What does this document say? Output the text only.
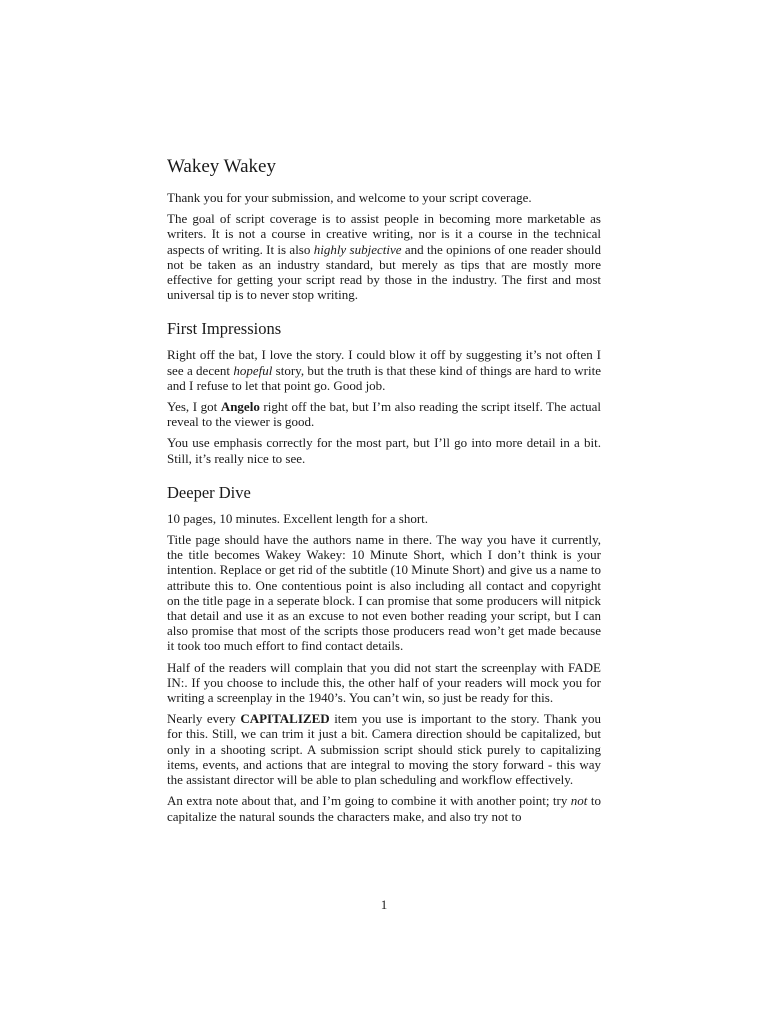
Wakey Wakey

Thank you for your submission, and welcome to your script coverage.

The goal of script coverage is to assist people in becoming more marketable as writers. It is not a course in creative writing, nor is it a course in the technical aspects of writing. It is also highly subjective and the opinions of one reader should not be taken as an industry standard, but merely as tips that are mostly more effective for getting your script read by those in the industry. The first and most universal tip is to never stop writing.

First Impressions

Right off the bat, I love the story. I could blow it off by suggesting it’s not often I see a decent hopeful story, but the truth is that these kind of things are hard to write and I refuse to let that point go. Good job.

Yes, I got Angelo right off the bat, but I’m also reading the script itself. The actual reveal to the viewer is good.

You use emphasis correctly for the most part, but I’ll go into more detail in a bit. Still, it’s really nice to see.

Deeper Dive

10 pages, 10 minutes. Excellent length for a short.

Title page should have the authors name in there. The way you have it currently, the title becomes Wakey Wakey: 10 Minute Short, which I don’t think is your intention. Replace or get rid of the subtitle (10 Minute Short) and give us a name to attribute this to. One contentious point is also including all contact and copyright on the title page in a seperate block. I can promise that some producers will nitpick that detail and use it as an excuse to not even bother reading your script, but I can also promise that most of the scripts those producers read won’t get made because it took too much effort to find contact details.

Half of the readers will complain that you did not start the screenplay with FADE IN:. If you choose to include this, the other half of your readers will mock you for writing a screenplay in the 1940’s. You can’t win, so just be ready for this.

Nearly every CAPITALIZED item you use is important to the story. Thank you for this. Still, we can trim it just a bit. Camera direction should be capitalized, but only in a shooting script. A submission script should stick purely to capitalizing items, events, and actions that are integral to moving the story forward - this way the assistant director will be able to plan scheduling and workflow effectively.

An extra note about that, and I’m going to combine it with another point; try not to capitalize the natural sounds the characters make, and also try not to

1
